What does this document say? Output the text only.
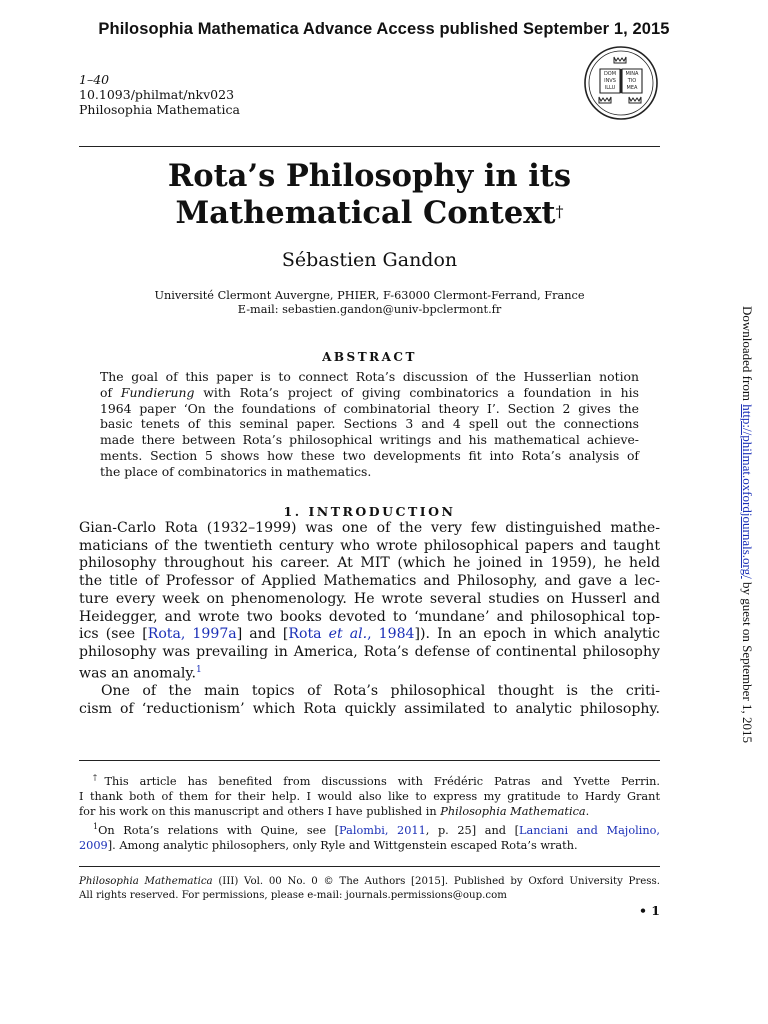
Philosophia Mathematica Advance Access published September 1, 2015
1–40
10.1093/philmat/nkv023
Philosophia Mathematica
DOM
INVS
ILLU
MINA
TIO
MEA
Rota’s Philosophy in its
Mathematical Context†
Sébastien Gandon
Université Clermont Auvergne, PHIER, F-63000 Clermont-Ferrand, France
E-mail: sebastien.gandon@univ-bpclermont.fr
ABSTRACT
The goal of this paper is to connect Rota’s discussion of the Husserlian notion
of Fundierung with Rota’s project of giving combinatorics a foundation in his
1964 paper ‘On the foundations of combinatorial theory I’. Section 2 gives the
basic tenets of this seminal paper. Sections 3 and 4 spell out the connections
made there between Rota’s philosophical writings and his mathematical achieve-
ments. Section 5 shows how these two developments fit into Rota’s analysis of
the place of combinatorics in mathematics.
1. INTRODUCTION
Gian-Carlo Rota (1932–1999) was one of the very few distinguished mathe-
maticians of the twentieth century who wrote philosophical papers and taught
philosophy throughout his career. At MIT (which he joined in 1959), he held
the title of Professor of Applied Mathematics and Philosophy, and gave a lec-
ture every week on phenomenology. He wrote several studies on Husserl and
Heidegger, and wrote two books devoted to ‘mundane’ and philosophical top-
ics (see [Rota, 1997a] and [Rota et al., 1984]). In an epoch in which analytic
philosophy was prevailing in America, Rota’s defense of continental philosophy
was an anomaly.$^1$
One of the main topics of Rota’s philosophical thought is the criti-
cism of ‘reductionism’ which Rota quickly assimilated to analytic philosophy.
†This article has benefited from discussions with Frédéric Patras and Yvette Perrin.
I thank both of them for their help. I would also like to express my gratitude to Hardy Grant
for his work on this manuscript and others I have published in Philosophia Mathematica.
$^1$On Rota’s relations with Quine, see [Palombi, 2011, p. 25] and [Lanciani and Majolino,
2009]. Among analytic philosophers, only Ryle and Wittgenstein escaped Rota’s wrath.
Philosophia Mathematica (III) Vol. 00 No. 0 © The Authors [2015]. Published by Oxford University Press.
All rights reserved. For permissions, please e-mail: journals.permissions@oup.com
• 1
Downloaded from http://philmat.oxfordjournals.org/ by guest on September 1, 2015
